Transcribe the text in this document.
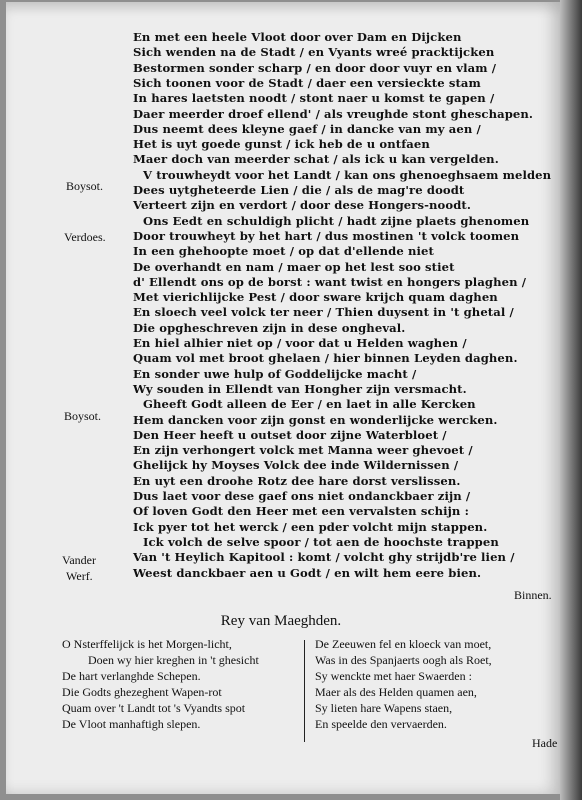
En met een heele Vloot door over Dam en Dijcken
Sich wenden na de Stadt / en Vyants wreé pracktijcken
Bestormen sonder scharp / en door door vuyr en vlam /
Sich toonen voor de Stadt / daer een versieckte stam
In hares laetsten noodt / stont naer u komst te gapen /
Daer meerder droef ellend' / als vreughde stont gheschapen.
Dus neemt dees kleyne gaef / in dancke van my aen /
Het is uyt goede gunst / ick heb de u ontfaen
Maer doch van meerder schat / als ick u kan vergelden.
V trouwheydt voor het Landt / kan ons ghenoeghsaem melden
Dees uytgheteerde Lien / die / als de mag're doodt
Verteert zijn en verdort / door dese Hongers-noodt.
Ons Eedt en schuldigh plicht / hadt zijne plaets ghenomen
Door trouwheyt by het hart / dus mostinen 't volck toomen
In een ghehoopte moet / op dat d'ellende niet
De overhandt en nam / maer op het lest soo stiet
d' Ellendt ons op de borst : want twist en hongers plaghen /
Met vierichlijcke Pest / door sware krijch quam daghen
En sloech veel volck ter neer / Thien duysent in 't ghetal /
Die opgheschreven zijn in dese ongheval.
En hiel alhier niet op / voor dat u Helden waghen /
Quam vol met broot ghelaen / hier binnen Leyden daghen.
En sonder uwe hulp of Goddelijcke macht /
Wy souden in Ellendt van Hongher zijn versmacht.
Gheeft Godt alleen de Eer / en laet in alle Kercken
Hem dancken voor zijn gonst en wonderlijcke wercken.
Den Heer heeft u outset door zijne Waterbloet /
En zijn verhongert volck met Manna weer ghevoet /
Ghelijck hy Moyses Volck dee inde Wildernissen /
En uyt een droohe Rotz dee hare dorst verslissen.
Dus laet voor dese gaef ons niet ondanckbaer zijn /
Of loven Godt den Heer met een vervalsten schijn :
Ick pyer tot het werck / een pder volcht mijn stappen.
Ick volch de selve spoor / tot aen de hoochste trappen
Van 't Heylich Kapitool : komt / volcht ghy strijdb're lien /
Weest danckbaer aen u Godt / en wilt hem eere bien.
Boysot.
Verdoes.
Boysot.
Vander
Werf.
Binnen.
Rey van Maeghden.
O Nsterffelijck is het Morgen-licht,
Doen wy hier kreghen in 't ghesicht
De hart verlanghde Schepen.
Die Godts ghezeghent Wapen-rot
Quam over 't Landt tot 's Vyandts spot
De Vloot manhaftigh slepen.
De Zeeuwen fel en kloeck van moet,
Was in des Spanjaerts oogh als Roet,
Sy wenckte met haer Swaerden :
Maer als des Helden quamen aen,
Sy lieten hare Wapens staen,
En speelde den vervaerden.
Hade
